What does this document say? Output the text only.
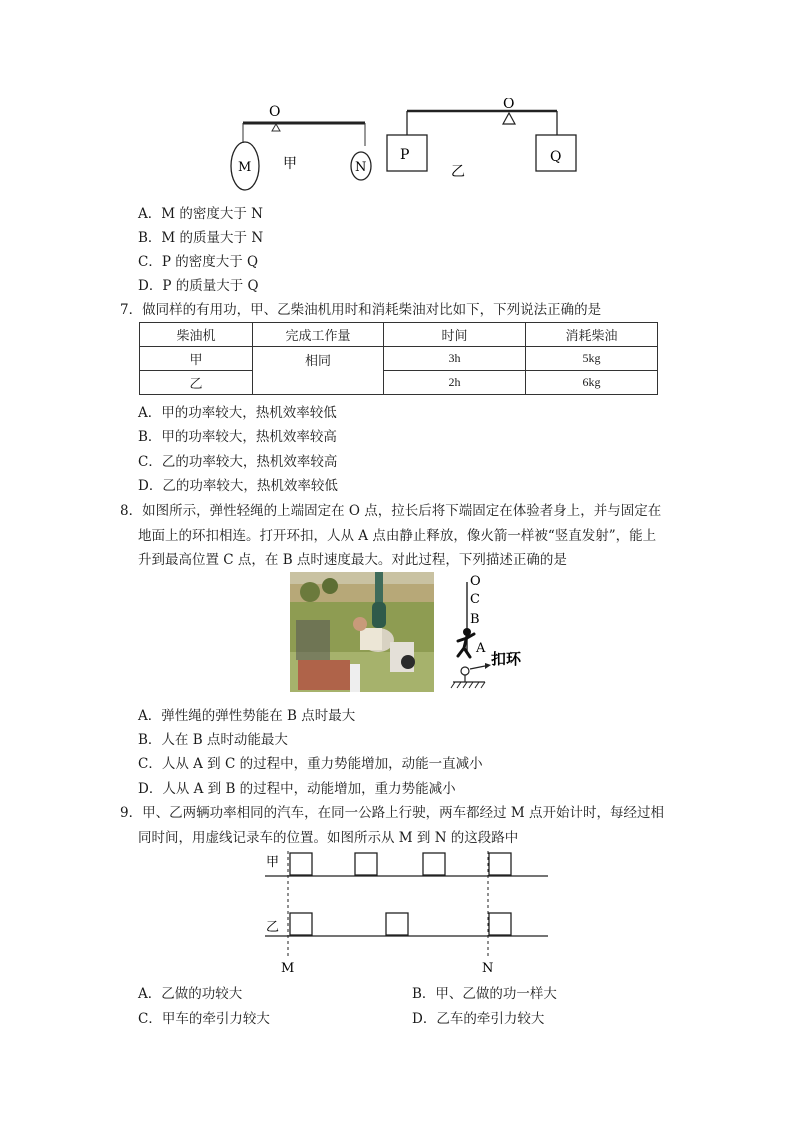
O
M	N
甲
O
P	Q
乙
A．M 的密度大于 N
B．M 的质量大于 N
C．P 的密度大于 Q
D．P 的质量大于 Q
7．做同样的有用功，甲、乙柴油机用时和消耗柴油对比如下，下列说法正确的是
柴油机	完成工作量	时间	消耗柴油
甲	相同	3h	5kg
乙		2h	6kg
A．甲的功率较大，热机效率较低
B．甲的功率较大，热机效率较高
C．乙的功率较大，热机效率较高
D．乙的功率较大，热机效率较低
8．如图所示，弹性轻绳的上端固定在 O 点，拉长后将下端固定在体验者身上，并与固定在
地面上的环扣相连。打开环扣，人从 A 点由静止释放，像火箭一样被“竖直发射”，能上
升到最高位置 C 点，在 B 点时速度最大。对此过程，下列描述正确的是
O
C
B
A
扣环
A．弹性绳的弹性势能在 B 点时最大
B．人在 B 点时动能最大
C．人从 A 到 C 的过程中，重力势能增加，动能一直减小
D．人从 A 到 B 的过程中，动能增加，重力势能减小
9．甲、乙两辆功率相同的汽车，在同一公路上行驶，两车都经过 M 点开始计时，每经过相
同时间，用虚线记录车的位置。如图所示从 M 到 N 的这段路中
甲
乙
M	N
A．乙做的功较大	B．甲、乙做的功一样大
C．甲车的牵引力较大	D．乙车的牵引力较大
